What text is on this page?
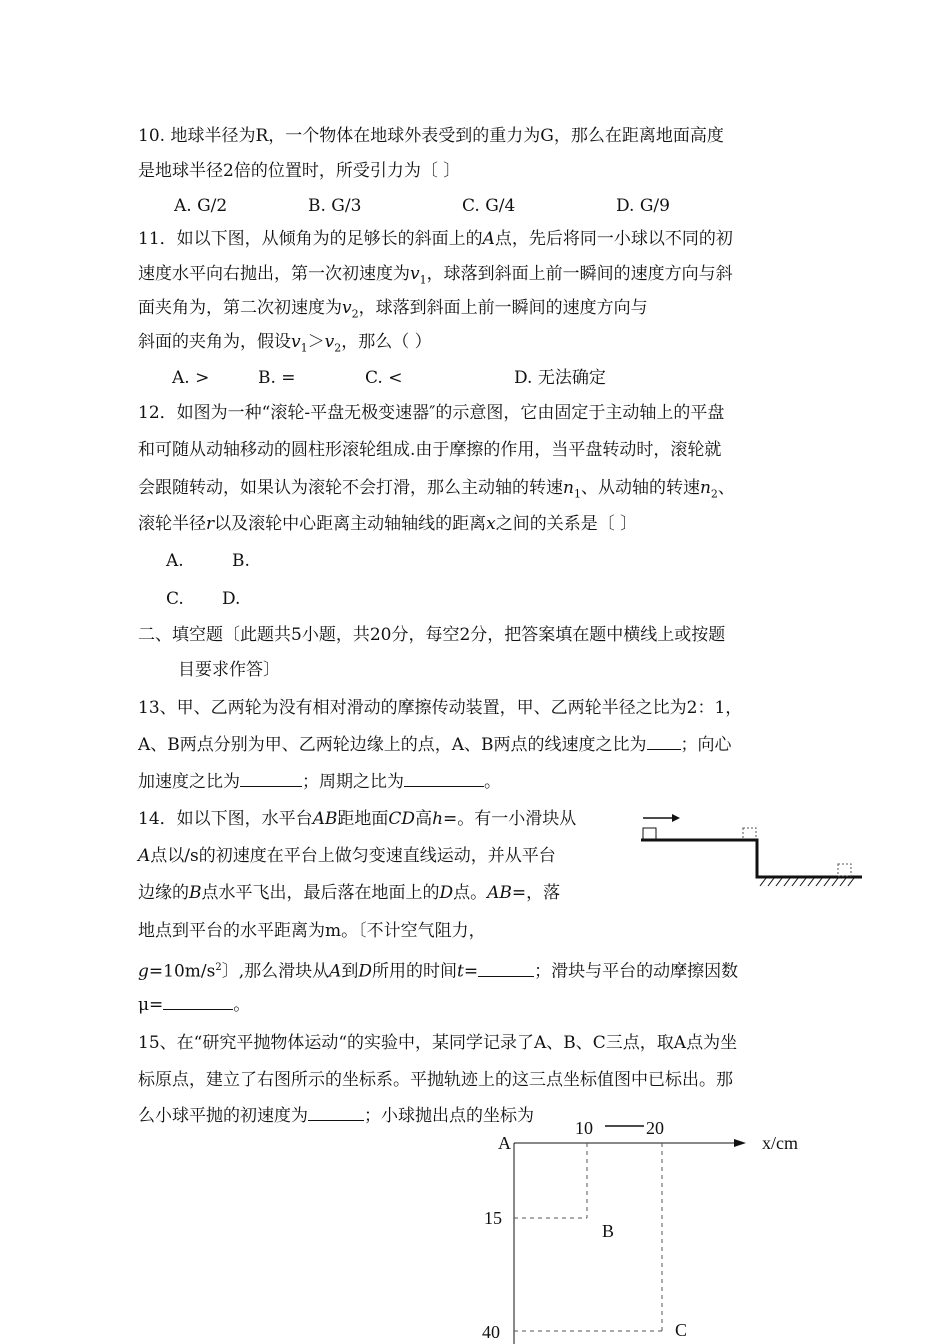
10. 地球半径为R，一个物体在地球外表受到的重力为G，那么在距离地面高度
是地球半径2倍的位置时，所受引力为〔 〕
A. G/2	B. G/3	C. G/4	D. G/9
11．如以下图，从倾角为的足够长的斜面上的A点，先后将同一小球以不同的初
速度水平向右抛出，第一次初速度为$v_1$，球落到斜面上前一瞬间的速度方向与斜
面夹角为，第二次初速度为$v_2$，球落到斜面上前一瞬间的速度方向与
斜面的夹角为，假设$v_1>v_2$，那么（ ）
A. >	B. =	C. <	D. 无法确定
12．如图为一种“滚轮-平盘无极变速器″的示意图，它由固定于主动轴上的平盘
和可随从动轴移动的圆柱形滚轮组成.由于摩擦的作用，当平盘转动时，滚轮就
会跟随转动，如果认为滚轮不会打滑，那么主动轴的转速$n_1$、从动轴的转速$n_2$、
滚轮半径r以及滚轮中心距离主动轴轴线的距离x之间的关系是〔 〕
A.	B.
C. D.
二、填空题〔此题共5小题，共20分，每空2分，把答案填在题中横线上或按题
目要求作答〕
13、甲、乙两轮为没有相对滑动的摩擦传动装置，甲、乙两轮半径之比为2：1，
A、B两点分别为甲、乙两轮边缘上的点，A、B两点的线速度之比为 ；向心
加速度之比为	；周期之比为	。
14．如以下图，水平台AB距地面CD高h=。有一小滑块从
A点以/s的初速度在平台上做匀变速直线运动，并从平台
边缘的B点水平飞出，最后落在地面上的D点。AB=，落
地点到平台的水平距离为m。〔不计空气阻力，
$g=10m/s^2$〕,那么滑块从A到D所用的时间t=	；滑块与平台的动摩擦因数
μ=	。
15、在“研究平抛物体运动“的实验中，某同学记录了A、B、C三点，取A点为坐
标原点，建立了右图所示的坐标系。平抛轨迹上的这三点坐标值图中已标出。那
么小球平抛的初速度为	；小球抛出点的坐标为
A
10	20
x/cm
15
B
40	C
